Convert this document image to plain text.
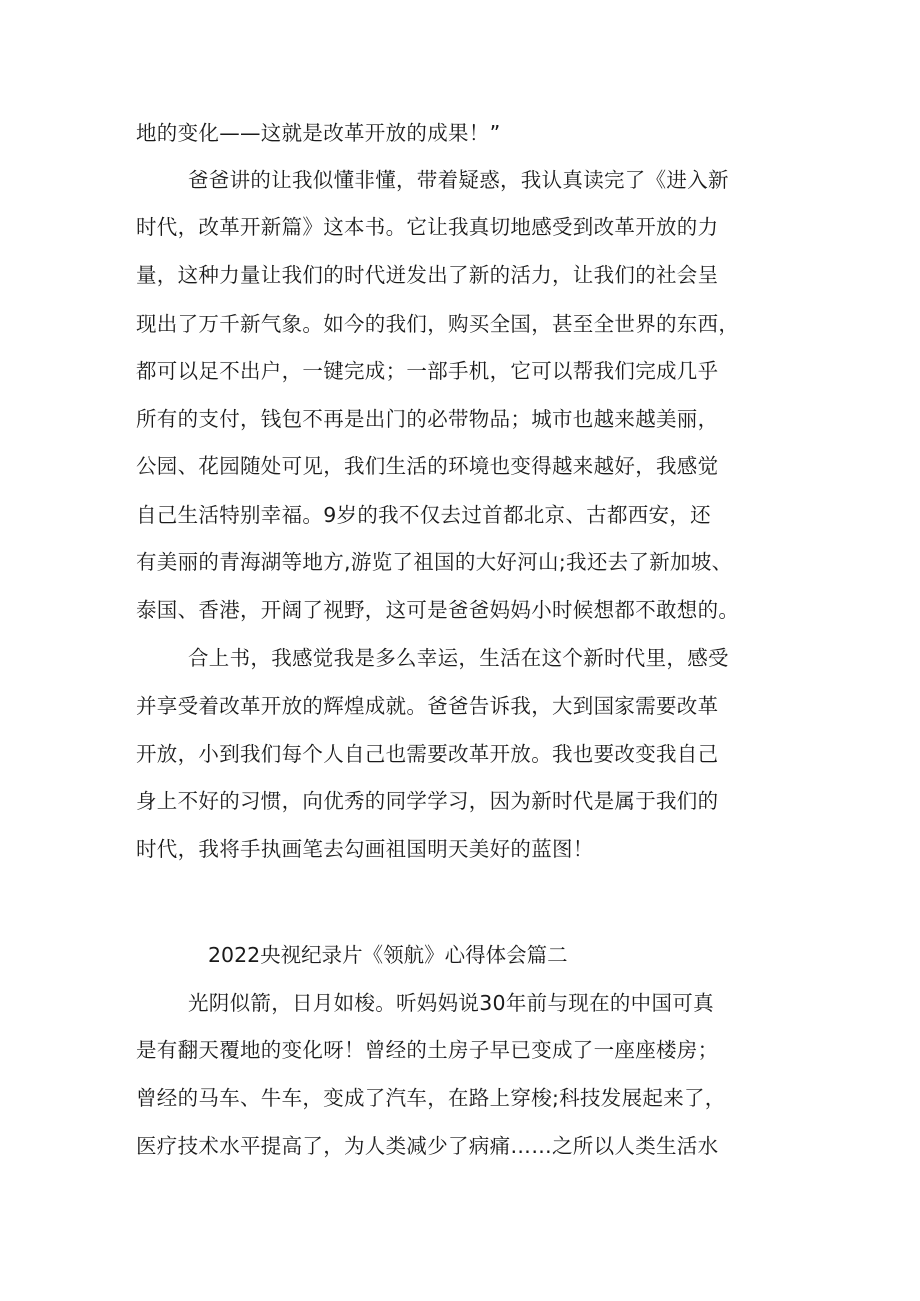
地的变化——这就是改革开放的成果！”
爸爸讲的让我似懂非懂，带着疑惑，我认真读完了《进入新
时代，改革开新篇》这本书。它让我真切地感受到改革开放的力
量，这种力量让我们的时代迸发出了新的活力，让我们的社会呈
现出了万千新气象。如今的我们，购买全国，甚至全世界的东西，
都可以足不出户，一键完成；一部手机，它可以帮我们完成几乎
所有的支付，钱包不再是出门的必带物品；城市也越来越美丽，
公园、花园随处可见，我们生活的环境也变得越来越好，我感觉
自己生活特别幸福。9岁的我不仅去过首都北京、古都西安，还
有美丽的青海湖等地方,游览了祖国的大好河山;我还去了新加坡、
泰国、香港，开阔了视野，这可是爸爸妈妈小时候想都不敢想的。
合上书，我感觉我是多么幸运，生活在这个新时代里，感受
并享受着改革开放的辉煌成就。爸爸告诉我，大到国家需要改革
开放，小到我们每个人自己也需要改革开放。我也要改变我自己
身上不好的习惯，向优秀的同学学习，因为新时代是属于我们的
时代，我将手执画笔去勾画祖国明天美好的蓝图！
2022央视纪录片《领航》心得体会篇二
光阴似箭，日月如梭。听妈妈说30年前与现在的中国可真
是有翻天覆地的变化呀！曾经的土房子早已变成了一座座楼房；
曾经的马车、牛车，变成了汽车，在路上穿梭;科技发展起来了，
医疗技术水平提高了，为人类减少了病痛……之所以人类生活水
